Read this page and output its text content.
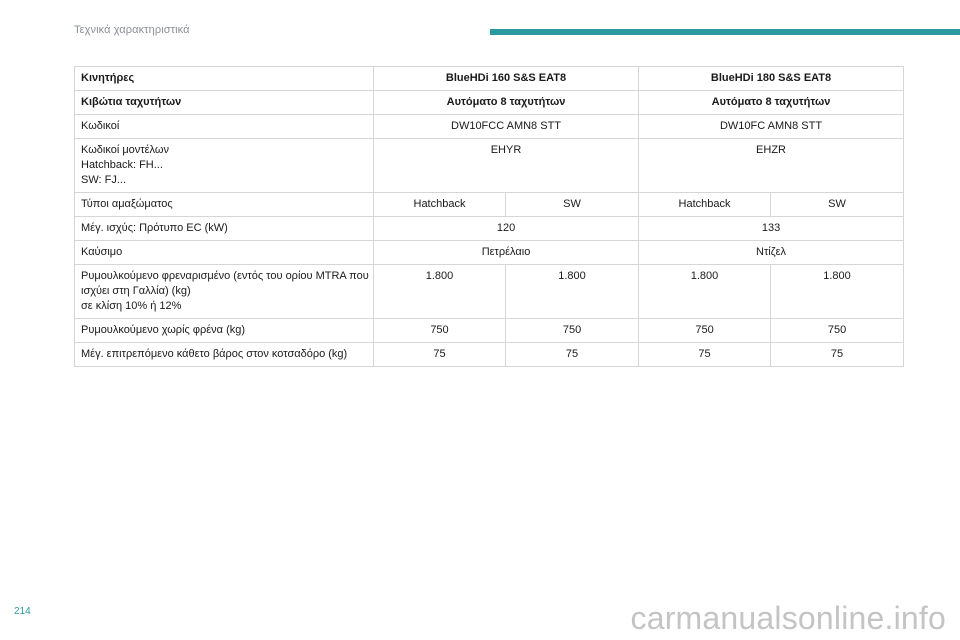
Τεχνικά χαρακτηριστικά
Κινητήρες	BlueHDi 160 S&S EAT8		BlueHDi 180 S&S EAT8	
Κιβώτια ταχυτήτων	Αυτόματο 8 ταχυτήτων		Αυτόματο 8 ταχυτήτων	
Κωδικοί	DW10FCC AMN8 STT		DW10FC AMN8 STT	

Κωδικοί μοντέλων
Hatchback: FH...
SW: FJ...	EHYR		EHZR	
Τύποι αμαξώματος	Hatchback	SW	Hatchback	SW
Μέγ. ισχύς: Πρότυπο EC (kW)	120		133	
Καύσιμο	Πετρέλαιο		Ντίζελ	

Ρυμουλκούμενο φρεναρισμένο (εντός του ορίου MTRA που
ισχύει στη Γαλλία) (kg)
σε κλίση 10% ή 12%	1.800	1.800	1.800	1.800
Ρυμουλκούμενο χωρίς φρένα (kg)	750	750	750	750
Μέγ. επιτρεπόμενο κάθετο βάρος στον κοτσαδόρο (kg)	75	75	75	75
214	carmanualsonline.info
